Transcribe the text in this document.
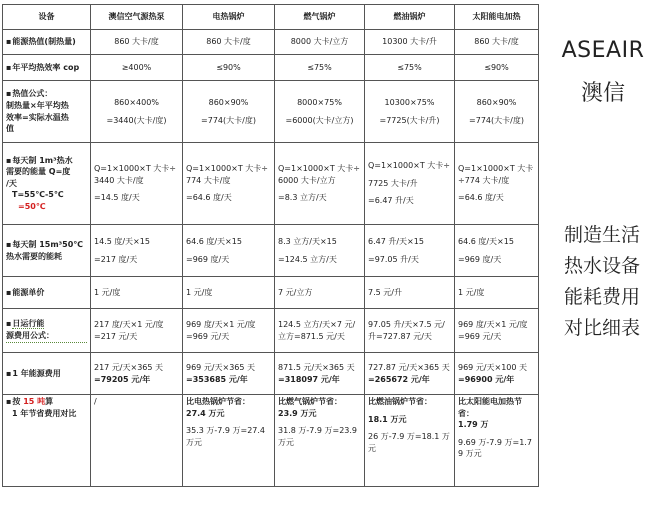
设备	澳信空气源热泵	电热锅炉	燃气锅炉	燃油锅炉	太阳能电加热
▪能源热值(制热量)	860 大卡/度	860 大卡/度	8000 大卡/立方	10300 大卡/升	860 大卡/度
▪年平均热效率 cop	≥400%	≤90%	≤75%	≤75%	≤90%

▪热值公式：
制热量×年平均热
效率=实际水温热
值	860×400%
=3440(大卡/度)	860×90%
=774(大卡/度)	8000×75%
=6000(大卡/立方)	10300×75%
=7725(大卡/升)	860×90%
=774(大卡/度)

▪每天制 1m³热水
需要的能量 Q=度
/天
T=55℃-5℃
=50℃	Q=1×1000×T 大卡÷
3440 大卡/度
=14.5 度/天	Q=1×1000×T 大卡÷
774 大卡/度
=64.6 度/天	Q=1×1000×T 大卡÷
6000 大卡/立方
=8.3 立方/天	Q=1×1000×T 大卡÷
7725 大卡/升
=6.47 升/天	Q=1×1000×T 大卡
÷774 大卡/度
=64.6 度/天

▪每天制 15m³50℃
热水需要的能耗	14.5 度/天×15
=217 度/天	64.6 度/天×15
=969 度/天	8.3 立方/天×15
=124.5 立方/天	6.47 升/天×15
=97.05 升/天	64.6 度/天×15
=969 度/天

▪能源单价	1 元/度	1 元/度	7 元/立方	7.5 元/升	1 元/度

▪日运行能
源费用公式：	217 度/天×1 元/度
=217 元/天	969 度/天×1 元/度
=969 元/天	124.5 立方/天×7 元/
立方=871.5 元/天	97.05 升/天×7.5 元/
升=727.87 元/天	969 度/天×1 元/度
=969 元/天

▪1 年能源费用	217 元/天×365 天
=79205 元/年	969 元/天×365 天
=353685 元/年	871.5 元/天×365 天
=318097 元/年	727.87 元/天×365 天
=265672 元/年	969 元/天×100 天
=96900 元/年

▪按 15 吨算
1 年节省费用对比	/	比电热锅炉节省：
27.4 万元
35.3 万-7.9 万=27.4 万元	比燃气锅炉节省：
23.9 万元
31.8 万-7.9 万=23.9 万元	比燃油锅炉节省：
18.1 万元
26 万-7.9 万=18.1 万元	比太阳能电加热节省：
1.79 万
9.69 万-7.9 万=1.79 万元
ASEAIR
澳信
制造生活
热水设备
能耗费用
对比细表
